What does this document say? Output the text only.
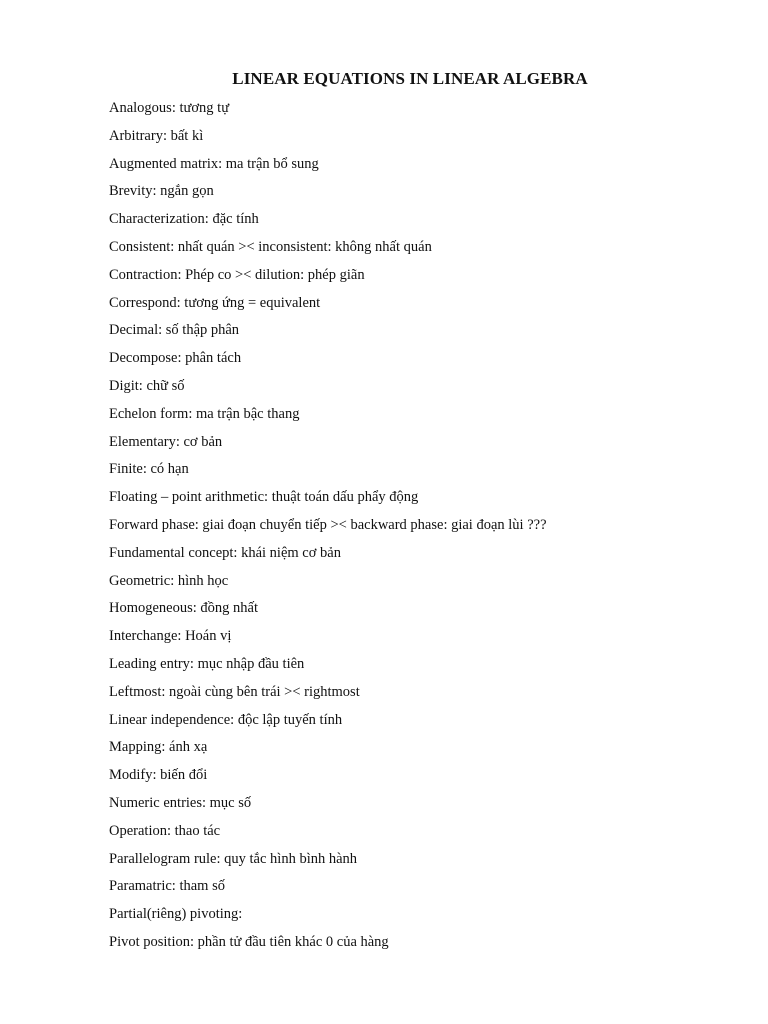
LINEAR EQUATIONS IN LINEAR ALGEBRA
Analogous: tương tự
Arbitrary: bất kì
Augmented matrix: ma trận bổ sung
Brevity: ngắn gọn
Characterization: đặc tính
Consistent: nhất quán >< inconsistent: không nhất quán
Contraction: Phép co >< dilution: phép giãn
Correspond: tương ứng = equivalent
Decimal: số thập phân
Decompose: phân tách
Digit: chữ số
Echelon form: ma trận bậc thang
Elementary: cơ bản
Finite: có hạn
Floating – point arithmetic: thuật toán dấu phẩy động
Forward phase: giai đoạn chuyển tiếp >< backward phase: giai đoạn lùi ???
Fundamental concept: khái niệm cơ bản
Geometric: hình học
Homogeneous: đồng nhất
Interchange: Hoán vị
Leading entry: mục nhập đầu tiên
Leftmost: ngoài cùng bên trái >< rightmost
Linear independence: độc lập tuyến tính
Mapping: ánh xạ
Modify: biến đổi
Numeric entries: mục số
Operation: thao tác
Parallelogram rule: quy tắc hình bình hành
Paramatric: tham số
Partial(riêng) pivoting:
Pivot position: phần tử đầu tiên khác 0 của hàng
